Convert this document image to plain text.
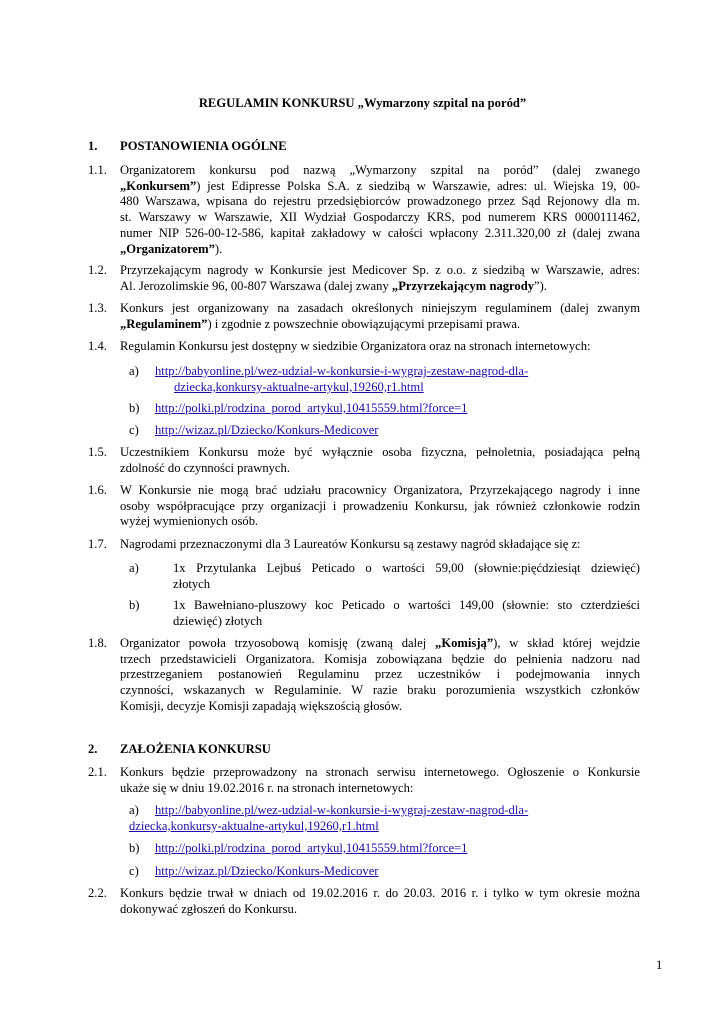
REGULAMIN KONKURSU „Wymarzony szpital na poród”
1. POSTANOWIENIA OGÓLNE
1.1. Organizatorem konkursu pod nazwą „Wymarzony szpital na poród” (dalej zwanego
„Konkursem”) jest Edipresse Polska S.A. z siedzibą w Warszawie, adres: ul. Wiejska 19, 00-
480 Warszawa, wpisana do rejestru przedsiębiorców prowadzonego przez Sąd Rejonowy dla m.
st. Warszawy w Warszawie, XII Wydział Gospodarczy KRS, pod numerem KRS 0000111462,
numer NIP 526-00-12-586, kapitał zakładowy w całości wpłacony 2.311.320,00 zł (dalej zwana
„Organizatorem”).
1.2. Przyrzekającym nagrody w Konkursie jest Medicover Sp. z o.o. z siedzibą w Warszawie, adres:
Al. Jerozolimskie 96, 00-807 Warszawa (dalej zwany „Przyrzekającym nagrody”).
1.3. Konkurs jest organizowany na zasadach określonych niniejszym regulaminem (dalej zwanym
„Regulaminem”) i zgodnie z powszechnie obowiązującymi przepisami prawa.
1.4. Regulamin Konkursu jest dostępny w siedzibie Organizatora oraz na stronach internetowych:
a) http://babyonline.pl/wez-udzial-w-konkursie-i-wygraj-zestaw-nagrod-dla-
dziecka,konkursy-aktualne-artykul,19260,r1.html
b) http://polki.pl/rodzina_porod_artykul,10415559.html?force=1
c) http://wizaz.pl/Dziecko/Konkurs-Medicover
1.5. Uczestnikiem Konkursu może być wyłącznie osoba fizyczna, pełnoletnia, posiadająca pełną
zdolność do czynności prawnych.
1.6. W Konkursie nie mogą brać udziału pracownicy Organizatora, Przyrzekającego nagrody i inne
osoby współpracujące przy organizacji i prowadzeniu Konkursu, jak również członkowie rodzin
wyżej wymienionych osób.
1.7. Nagrodami przeznaczonymi dla 3 Laureatów Konkursu są zestawy nagród składające się z:
a)	1x Przytulanka Lejbuś Peticado o wartości 59,00 (słownie:pięćdziesiąt dziewięć)
złotych
b)	1x Bawełniano-pluszowy koc Peticado o wartości 149,00 (słownie: sto czterdzieści
dziewięć) złotych
1.8. Organizator powoła trzyosobową komisję (zwaną dalej „Komisją”), w skład której wejdzie
trzech przedstawicieli Organizatora. Komisja zobowiązana będzie do pełnienia nadzoru nad
przestrzeganiem postanowień Regulaminu przez uczestników i podejmowania innych
czynności, wskazanych w Regulaminie. W razie braku porozumienia wszystkich członków
Komisji, decyzje Komisji zapadają większością głosów.
2. ZAŁOŻENIA KONKURSU
2.1. Konkurs będzie przeprowadzony na stronach serwisu internetowego. Ogłoszenie o Konkursie
ukaże się w dniu 19.02.2016 r. na stronach internetowych:
a) http://babyonline.pl/wez-udzial-w-konkursie-i-wygraj-zestaw-nagrod-dla-
dziecka,konkursy-aktualne-artykul,19260,r1.html
b) http://polki.pl/rodzina_porod_artykul,10415559.html?force=1
c) http://wizaz.pl/Dziecko/Konkurs-Medicover
2.2. Konkurs będzie trwał w dniach od 19.02.2016 r. do 20.03. 2016 r. i tylko w tym okresie można
dokonywać zgłoszeń do Konkursu.
1
